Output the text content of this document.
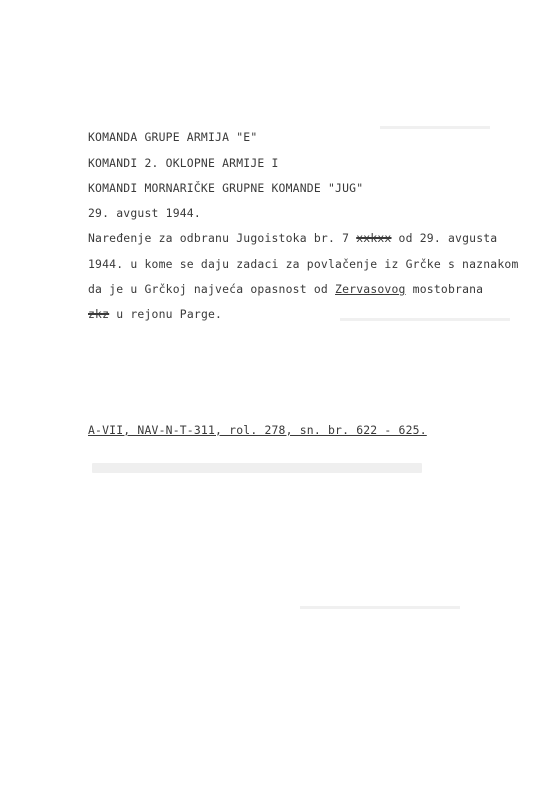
KOMANDA GRUPE ARMIJA "E"
KOMANDI 2. OKLOPNE ARMIJE I
KOMANDI MORNARIČKE GRUPNE KOMANDE "JUG"
29. avgust 1944.
Naređenje za odbranu Jugoistoka br. 7 xxkxx od 29. avgusta
1944. u kome se daju zadaci za povlačenje iz Grčke s naznakom
da je u Grčkoj najveća opasnost od Zervasovog mostobrana
zkz u rejonu Parge.
A-VII, NAV-N-T-311, rol. 278, sn. br. 622 - 625.
